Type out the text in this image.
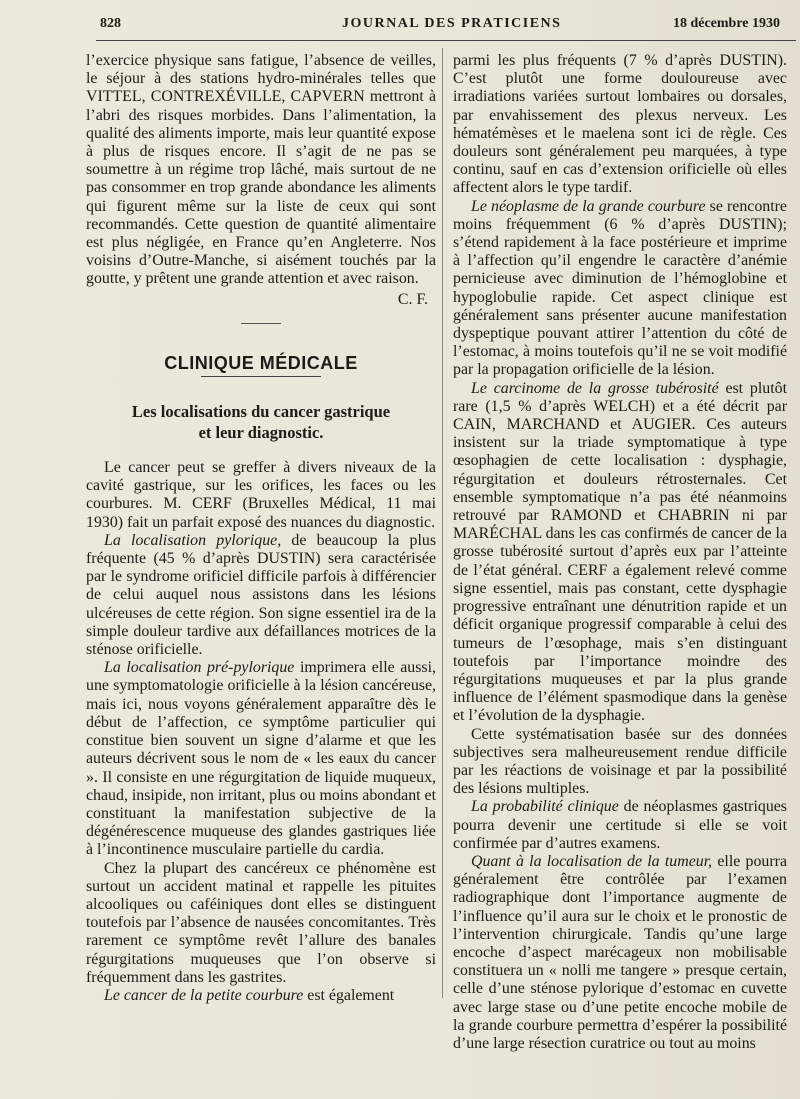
828	JOURNAL DES PRATICIENS	18 décembre 1930

l’exercice physique sans fatigue, l’absence de veilles, le séjour à des stations hydro-minérales telles que VITTEL, CONTREXÉVILLE, CAPVERN mettront à l’abri des risques morbides. Dans l’alimentation, la qualité des aliments importe, mais leur quantité expose à plus de risques encore. Il s’agit de ne pas se soumettre à un régime trop lâché, mais surtout de ne pas consommer en trop grande abondance les aliments qui figurent même sur la liste de ceux qui sont recommandés. Cette question de quantité alimentaire est plus négligée, en France qu’en Angleterre. Nos voisins d’Outre-Manche, si aisément touchés par la goutte, y prêtent une grande attention et avec raison.

C. F.

CLINIQUE MÉDICALE

Les localisations du cancer gastrique
et leur diagnostic.

Le cancer peut se greffer à divers niveaux de la cavité gastrique, sur les orifices, les faces ou les courbures. M. CERF (Bruxelles Médical, 11 mai 1930) fait un parfait exposé des nuances du diagnostic.

La localisation pylorique, de beaucoup la plus fréquente (45 % d’après DUSTIN) sera caractérisée par le syndrome orificiel difficile parfois à différencier de celui auquel nous assistons dans les lésions ulcéreuses de cette région. Son signe essentiel ira de la simple douleur tardive aux défaillances motrices de la sténose orificielle.

La localisation pré-pylorique imprimera elle aussi, une symptomatologie orificielle à la lésion cancéreuse, mais ici, nous voyons généralement apparaître dès le début de l’affection, ce symptôme particulier qui constitue bien souvent un signe d’alarme et que les auteurs décrivent sous le nom de « les eaux du cancer ». Il consiste en une régurgitation de liquide muqueux, chaud, insipide, non irritant, plus ou moins abondant et constituant la manifestation subjective de la dégénérescence muqueuse des glandes gastriques liée à l’incontinence musculaire partielle du cardia.

Chez la plupart des cancéreux ce phénomène est surtout un accident matinal et rappelle les pituites alcooliques ou caféiniques dont elles se distinguent toutefois par l’absence de nausées concomitantes. Très rarement ce symptôme revêt l’allure des banales régurgitations muqueuses que l’on observe si fréquemment dans les gastrites.

Le cancer de la petite courbure est également

parmi les plus fréquents (7 % d’après DUSTIN). C’est plutôt une forme douloureuse avec irradiations variées surtout lombaires ou dorsales, par envahissement des plexus nerveux. Les hématémèses et le maelena sont ici de règle. Ces douleurs sont généralement peu marquées, à type continu, sauf en cas d’extension orificielle où elles affectent alors le type tardif.

Le néoplasme de la grande courbure se rencontre moins fréquemment (6 % d’après DUSTIN); s’étend rapidement à la face postérieure et imprime à l’affection qu’il engendre le caractère d’anémie pernicieuse avec diminution de l’hémoglobine et hypoglobulie rapide. Cet aspect clinique est généralement sans présenter aucune manifestation dyspeptique pouvant attirer l’attention du côté de l’estomac, à moins toutefois qu’il ne se voit modifié par la propagation orificielle de la lésion.

Le carcinome de la grosse tubérosité est plutôt rare (1,5 % d’après WELCH) et a été décrit par CAIN, MARCHAND et AUGIER. Ces auteurs insistent sur la triade symptomatique à type œsophagien de cette localisation : dysphagie, régurgitation et douleurs rétrosternales. Cet ensemble symptomatique n’a pas été néanmoins retrouvé par RAMOND et CHABRIN ni par MARÉCHAL dans les cas confirmés de cancer de la grosse tubérosité surtout d’après eux par l’atteinte de l’état général. CERF a également relevé comme signe essentiel, mais pas constant, cette dysphagie progressive entraînant une dénutrition rapide et un déficit organique progressif comparable à celui des tumeurs de l’œsophage, mais s’en distinguant toutefois par l’importance moindre des régurgitations muqueuses et par la plus grande influence de l’élément spasmodique dans la genèse et l’évolution de la dysphagie.

Cette systématisation basée sur des données subjectives sera malheureusement rendue difficile par les réactions de voisinage et par la possibilité des lésions multiples.

La probabilité clinique de néoplasmes gastriques pourra devenir une certitude si elle se voit confirmée par d’autres examens.

Quant à la localisation de la tumeur, elle pourra généralement être contrôlée par l’examen radiographique dont l’importance augmente de l’influence qu’il aura sur le choix et le pronostic de l’intervention chirurgicale. Tandis qu’une large encoche d’aspect marécageux non mobilisable constituera un « nolli me tangere » presque certain, celle d’une sténose pylorique d’estomac en cuvette avec large stase ou d’une petite encoche mobile de la grande courbure permettra d’espérer la possibilité d’une large résection curatrice ou tout au moins
